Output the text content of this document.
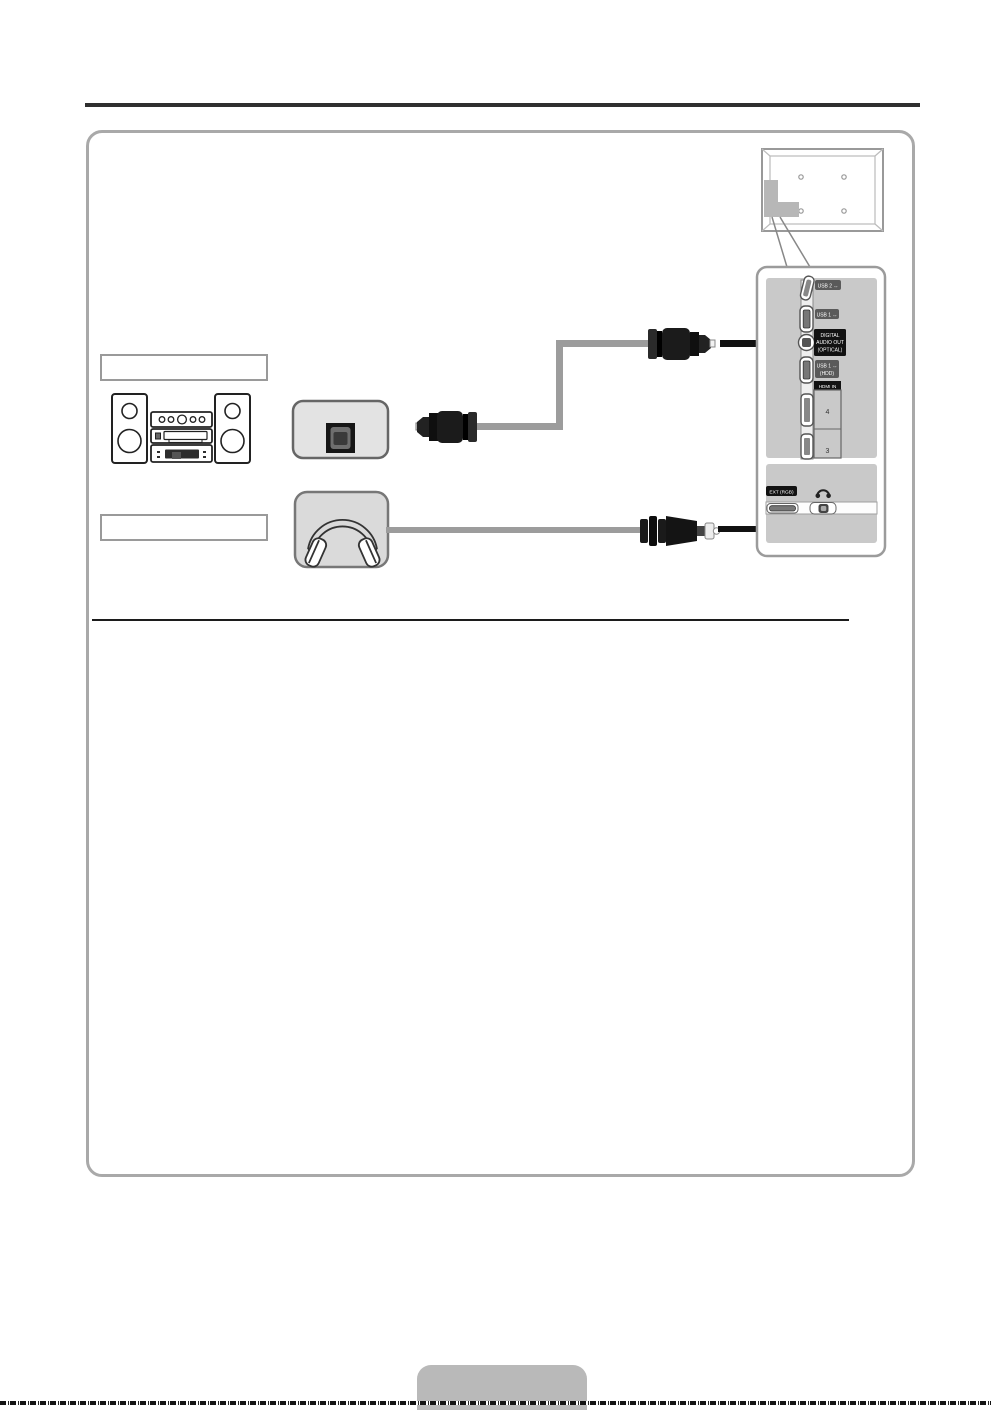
USB 2 ↔
USB 1 ↔
DIGITAL
AUDIO OUT
(OPTICAL)
USB 1 ↔
(HDD)
HDMI IN
4
3
EXT (RGB)
